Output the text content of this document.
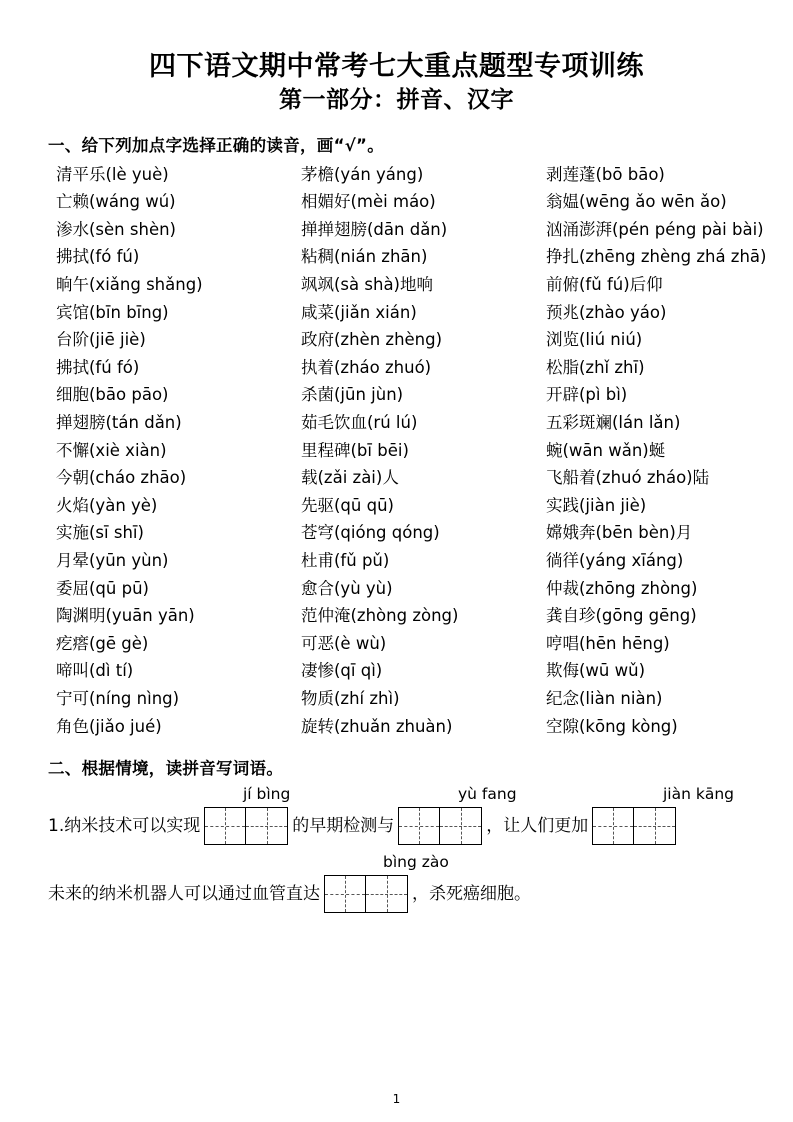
四下语文期中常考七大重点题型专项训练
第一部分：拼音、汉字
一、给下列加点字选择正确的读音，画“√”。
清平乐(lè yuè)	茅檐(yán yáng)	剥莲蓬(bō bāo)
亡赖(wáng wú)	相媚好(mèi máo)	翁媪(wēng ǎo wēn ǎo)
渗水(sèn shèn)	掸掸翅膀(dān dǎn)	汹涌澎湃(pén péng pài bài)
拂拭(fó fú)	粘稠(nián zhān)	挣扎(zhēng zhèng zhá zhā)
晌午(xiǎng shǎng)	飒飒(sà shà)地响	前俯(fǔ fú)后仰
宾馆(bīn bīng)	咸菜(jiǎn xián)	预兆(zhào yáo)
台阶(jiē jiè)	政府(zhèn zhèng)	浏览(liú niú)
拂拭(fú fó)	执着(zháo zhuó)	松脂(zhǐ zhī)
细胞(bāo pāo)	杀菌(jūn jùn)	开辟(pì bì)
掸翅膀(tán dǎn)	茹毛饮血(rú lú)	五彩斑斓(lán lǎn)
不懈(xiè xiàn)	里程碑(bī bēi)	蜿(wān wǎn)蜒
今朝(cháo zhāo)	载(zǎi zài)人	飞船着(zhuó zháo)陆
火焰(yàn yè)	先驱(qū qū)	实践(jiàn jiè)
实施(sī shī)	苍穹(qióng qóng)	嫦娥奔(bēn bèn)月
月晕(yūn yùn)	杜甫(fǔ pǔ)	徜徉(yáng xīáng)
委屈(qū pū)	愈合(yù yù)	仲裁(zhōng zhòng)
陶渊明(yuān yān)	范仲淹(zhòng zòng)	龚自珍(gōng gēng)
疙瘩(gē gè)	可恶(è wù)	哼唱(hēn hēng)
啼叫(dì tí)	凄惨(qī qì)	欺侮(wū wǔ)
宁可(níng nìng)	物质(zhí zhì)	纪念(liàn niàn)
角色(jiǎo jué)	旋转(zhuǎn zhuàn)	空隙(kōng kòng)
二、根据情境，读拼音写词语。
jí bìng	yù fang	jiàn kāng
1.纳米技术可以实现	的早期检测与	，让人们更加
bìng zào
未来的纳米机器人可以通过血管直达	，杀死癌细胞。
1
